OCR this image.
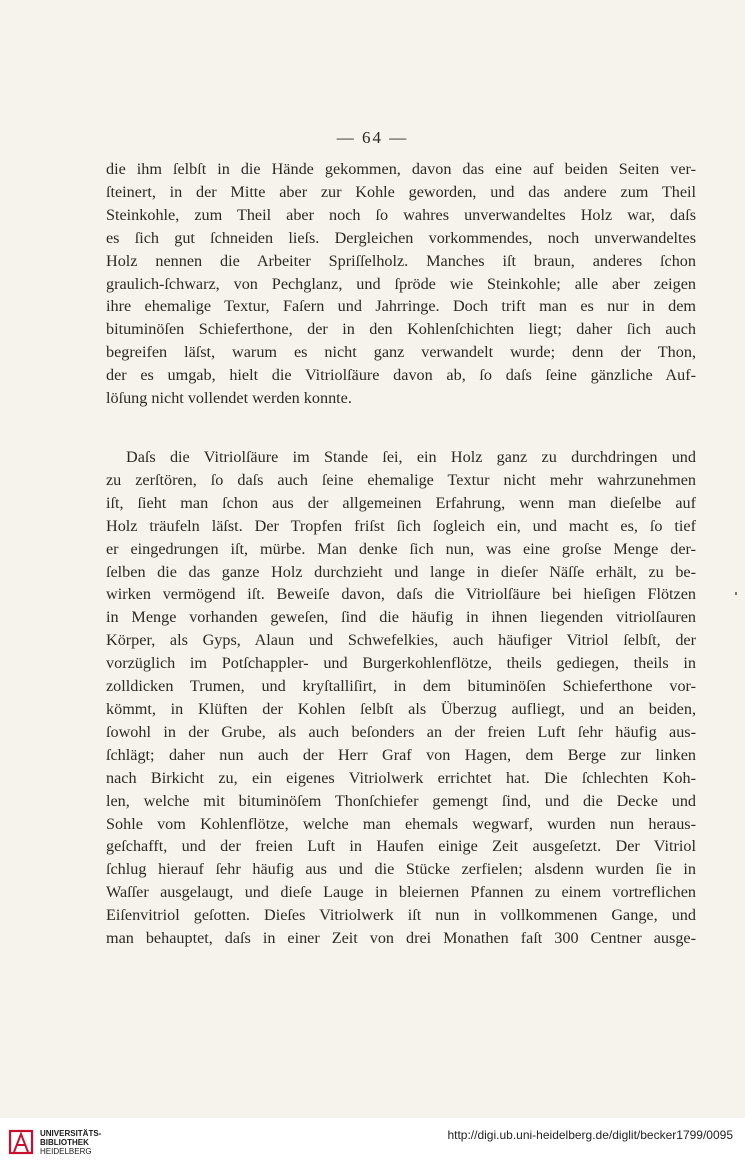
— 64 —
die ihm ſelbſt in die Hände gekommen, davon das eine auf beiden Seiten ver-
ſteinert, in der Mitte aber zur Kohle geworden, und das andere zum Theil
Steinkohle, zum Theil aber noch ſo wahres unverwandeltes Holz war, daſs
es ſich gut ſchneiden lieſs. Dergleichen vorkommendes, noch unverwandeltes
Holz nennen die Arbeiter Spriſſelholz. Manches iſt braun, anderes ſchon
graulich-ſchwarz, von Pechglanz, und ſpröde wie Steinkohle; alle aber zeigen
ihre ehemalige Textur, Faſern und Jahrringe. Doch trift man es nur in dem
bituminöſen Schieferthone, der in den Kohlenſchichten liegt; daher ſich auch
begreifen läſst, warum es nicht ganz verwandelt wurde; denn der Thon,
der es umgab, hielt die Vitriolſäure davon ab, ſo daſs ſeine gänzliche Auf-
löſung nicht vollendet werden konnte.
Daſs die Vitriolſäure im Stande ſei, ein Holz ganz zu durchdringen und
zu zerſtören, ſo daſs auch ſeine ehemalige Textur nicht mehr wahrzunehmen
iſt, ſieht man ſchon aus der allgemeinen Erfahrung, wenn man dieſelbe auf
Holz träufeln läſst. Der Tropfen friſst ſich ſogleich ein, und macht es, ſo tief
er eingedrungen iſt, mürbe. Man denke ſich nun, was eine groſse Menge der-
ſelben die das ganze Holz durchzieht und lange in dieſer Näſſe erhält, zu be-
wirken vermögend iſt. Beweiſe davon, daſs die Vitriolſäure bei hieſigen Flötzen
in Menge vorhanden geweſen, ſind die häufig in ihnen liegenden vitriolſauren
Körper, als Gyps, Alaun und Schwefelkies, auch häufiger Vitriol ſelbſt, der
vorzüglich im Potſchappler- und Burgerkohlenflötze, theils gediegen, theils in
zolldicken Trumen, und kryſtalliſirt, in dem bituminöſen Schieferthone vor-
kömmt, in Klüften der Kohlen ſelbſt als Überzug aufliegt, und an beiden,
ſowohl in der Grube, als auch beſonders an der freien Luft ſehr häufig aus-
ſchlägt; daher nun auch der Herr Graf von Hagen, dem Berge zur linken
nach Birkicht zu, ein eigenes Vitriolwerk errichtet hat. Die ſchlechten Koh-
len, welche mit bituminöſem Thonſchiefer gemengt ſind, und die Decke und
Sohle vom Kohlenflötze, welche man ehemals wegwarf, wurden nun heraus-
geſchafft, und der freien Luft in Haufen einige Zeit ausgeſetzt. Der Vitriol
ſchlug hierauf ſehr häufig aus und die Stücke zerfielen; alsdenn wurden ſie in
Waſſer ausgelaugt, und dieſe Lauge in bleiernen Pfannen zu einem vortreflichen
Eiſenvitriol geſotten. Dieſes Vitriolwerk iſt nun in vollkommenen Gange, und
man behauptet, daſs in einer Zeit von drei Monathen faſt 300 Centner ausge-
UNIVERSITÄTS-
BIBLIOTHEK
HEIDELBERG
http://digi.ub.uni-heidelberg.de/diglit/becker1799/0095
